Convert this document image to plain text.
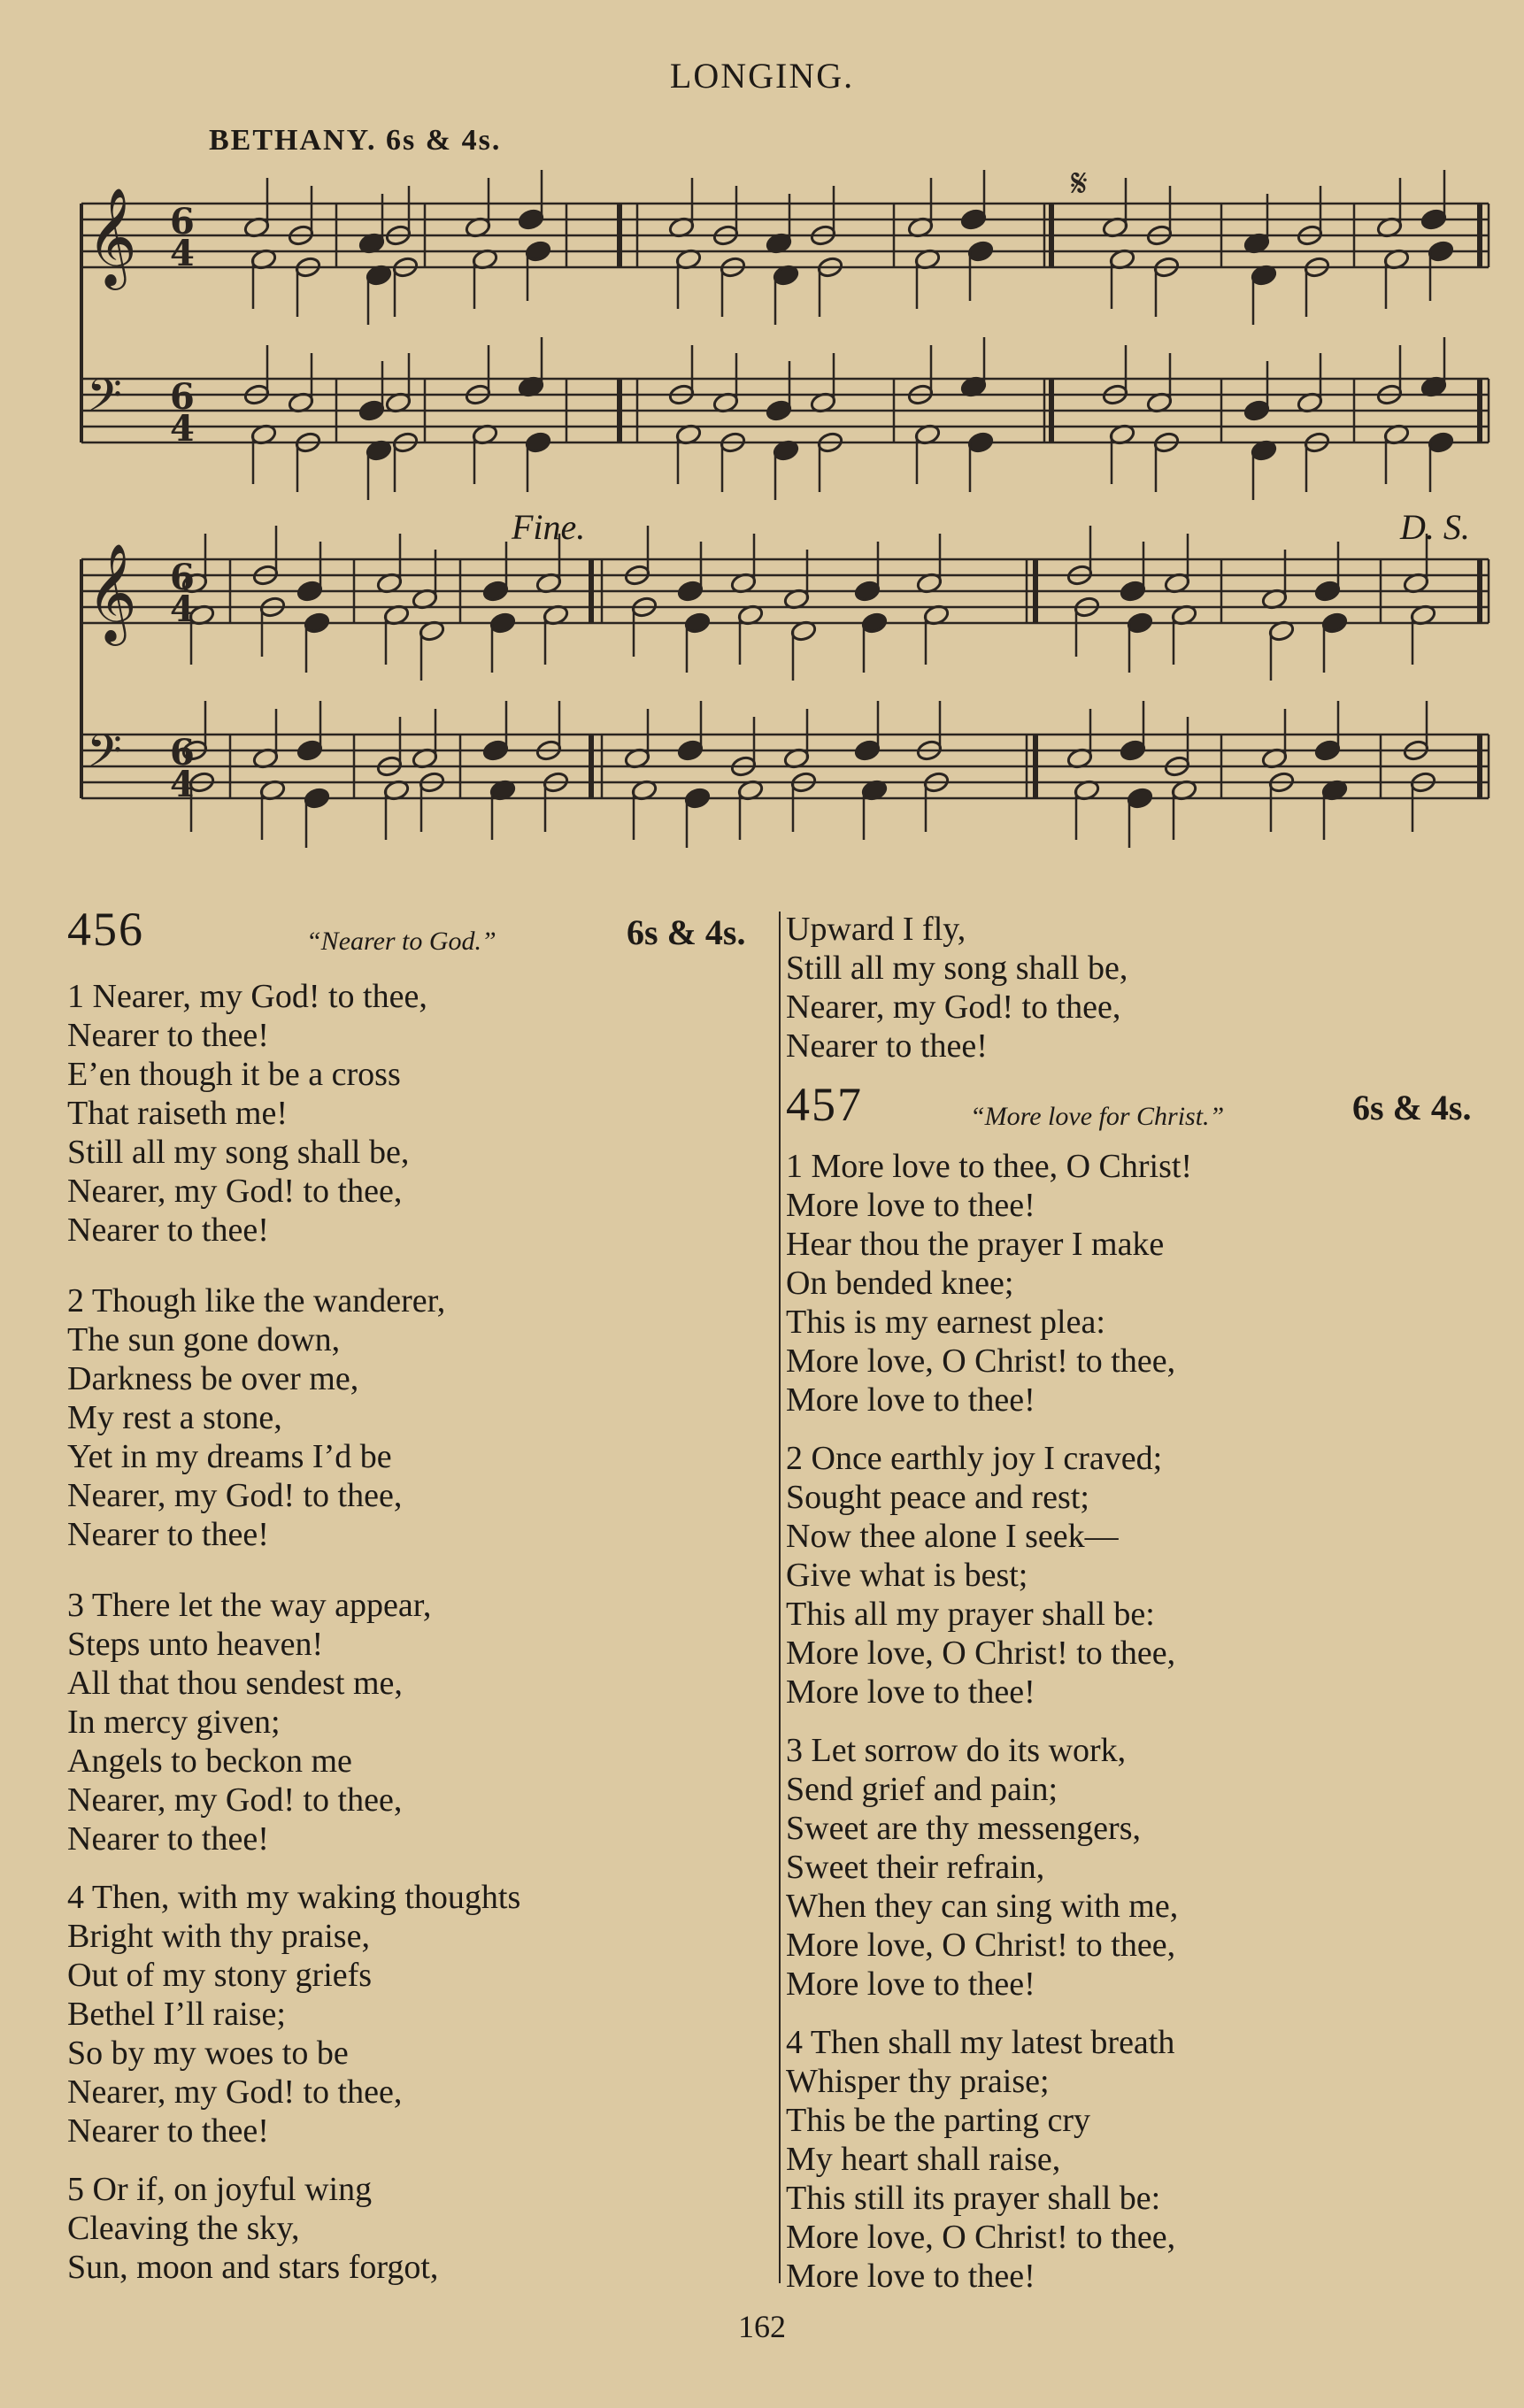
LONGING.
BETHANY. 6s & 4s.
𝄞 6
4
𝄢 6
4
𝄞 6
4
𝄢 6
4
𝄋
Fine.	D. S.
456	“Nearer to God.”	6s & 4s.
1 Nearer, my God! to thee,
Nearer to thee!
E’en though it be a cross
That raiseth me!
Still all my song shall be,
Nearer, my God! to thee,
Nearer to thee!
2 Though like the wanderer,
The sun gone down,
Darkness be over me,
My rest a stone,
Yet in my dreams I’d be
Nearer, my God! to thee,
Nearer to thee!
3 There let the way appear,
Steps unto heaven!
All that thou sendest me,
In mercy given;
Angels to beckon me
Nearer, my God! to thee,
Nearer to thee!
4 Then, with my waking thoughts
Bright with thy praise,
Out of my stony griefs
Bethel I’ll raise;
So by my woes to be
Nearer, my God! to thee,
Nearer to thee!
5 Or if, on joyful wing
Cleaving the sky,
Sun, moon and stars forgot,
Upward I fly,
Still all my song shall be,
Nearer, my God! to thee,
Nearer to thee!
457	“More love for Christ.”	6s & 4s.
1 More love to thee, O Christ!
More love to thee!
Hear thou the prayer I make
On bended knee;
This is my earnest plea:
More love, O Christ! to thee,
More love to thee!
2 Once earthly joy I craved;
Sought peace and rest;
Now thee alone I seek—
Give what is best;
This all my prayer shall be:
More love, O Christ! to thee,
More love to thee!
3 Let sorrow do its work,
Send grief and pain;
Sweet are thy messengers,
Sweet their refrain,
When they can sing with me,
More love, O Christ! to thee,
More love to thee!
4 Then shall my latest breath
Whisper thy praise;
This be the parting cry
My heart shall raise,
This still its prayer shall be:
More love, O Christ! to thee,
More love to thee!
162
